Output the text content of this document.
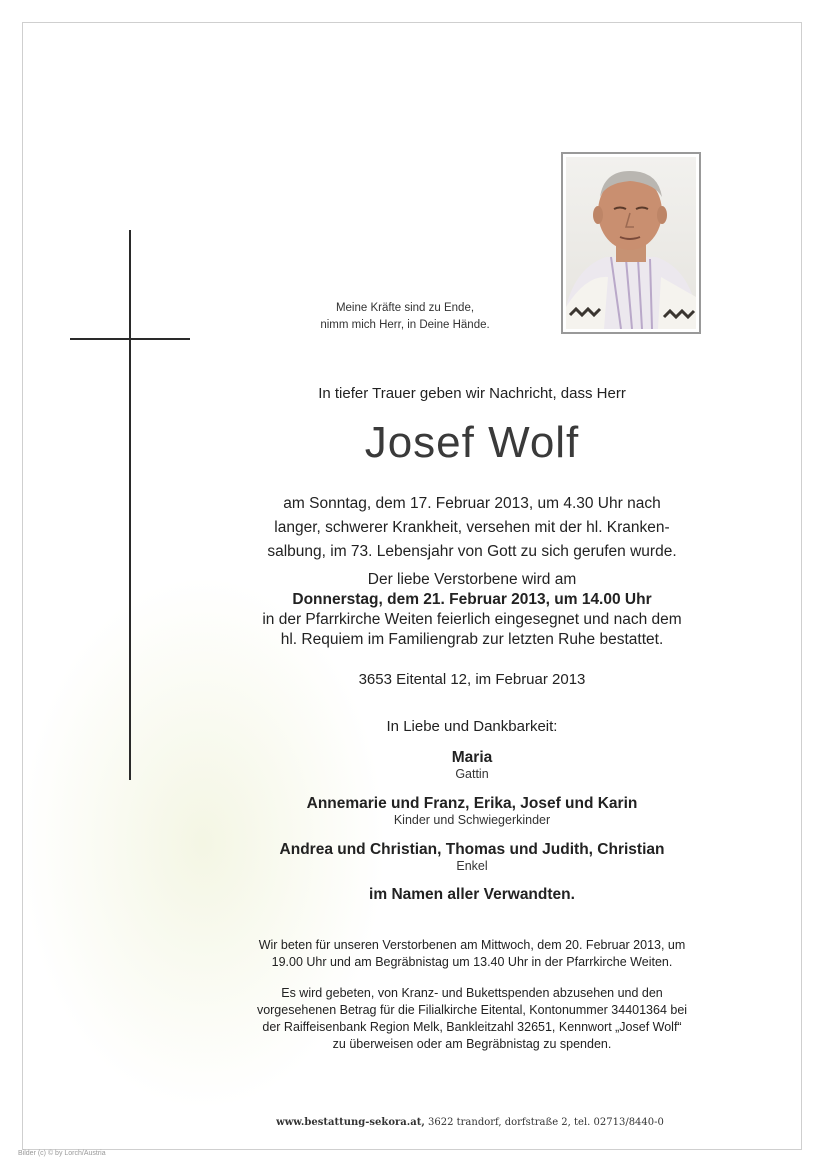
Meine Kräfte sind zu Ende,
nimm mich Herr, in Deine Hände.
In tiefer Trauer geben wir Nachricht, dass Herr
Josef Wolf
am Sonntag, dem 17. Februar 2013, um 4.30 Uhr nach
langer, schwerer Krankheit, versehen mit der hl. Kranken-
salbung, im 73. Lebensjahr von Gott zu sich gerufen wurde.
Der liebe Verstorbene wird am
Donnerstag, dem 21. Februar 2013, um 14.00 Uhr
in der Pfarrkirche Weiten feierlich eingesegnet und nach dem
hl. Requiem im Familiengrab zur letzten Ruhe bestattet.
3653 Eitental 12, im Februar 2013
In Liebe und Dankbarkeit:
Maria
Gattin
Annemarie und Franz, Erika, Josef und Karin
Kinder und Schwiegerkinder
Andrea und Christian, Thomas und Judith, Christian
Enkel
im Namen aller Verwandten.
Wir beten für unseren Verstorbenen am Mittwoch, dem 20. Februar 2013, um
19.00 Uhr und am Begräbnistag um 13.40 Uhr in der Pfarrkirche Weiten.
Es wird gebeten, von Kranz- und Bukettspenden abzusehen und den
vorgesehenen Betrag für die Filialkirche Eitental, Kontonummer 34401364 bei
der Raiffeisenbank Region Melk, Bankleitzahl 32651, Kennwort „Josef Wolf“
zu überweisen oder am Begräbnistag zu spenden.
www.bestattung-sekora.at, 3622 trandorf, dorfstraße 2, tel. 02713/8440-0
Bilder (c) © by Lorch/Austria
